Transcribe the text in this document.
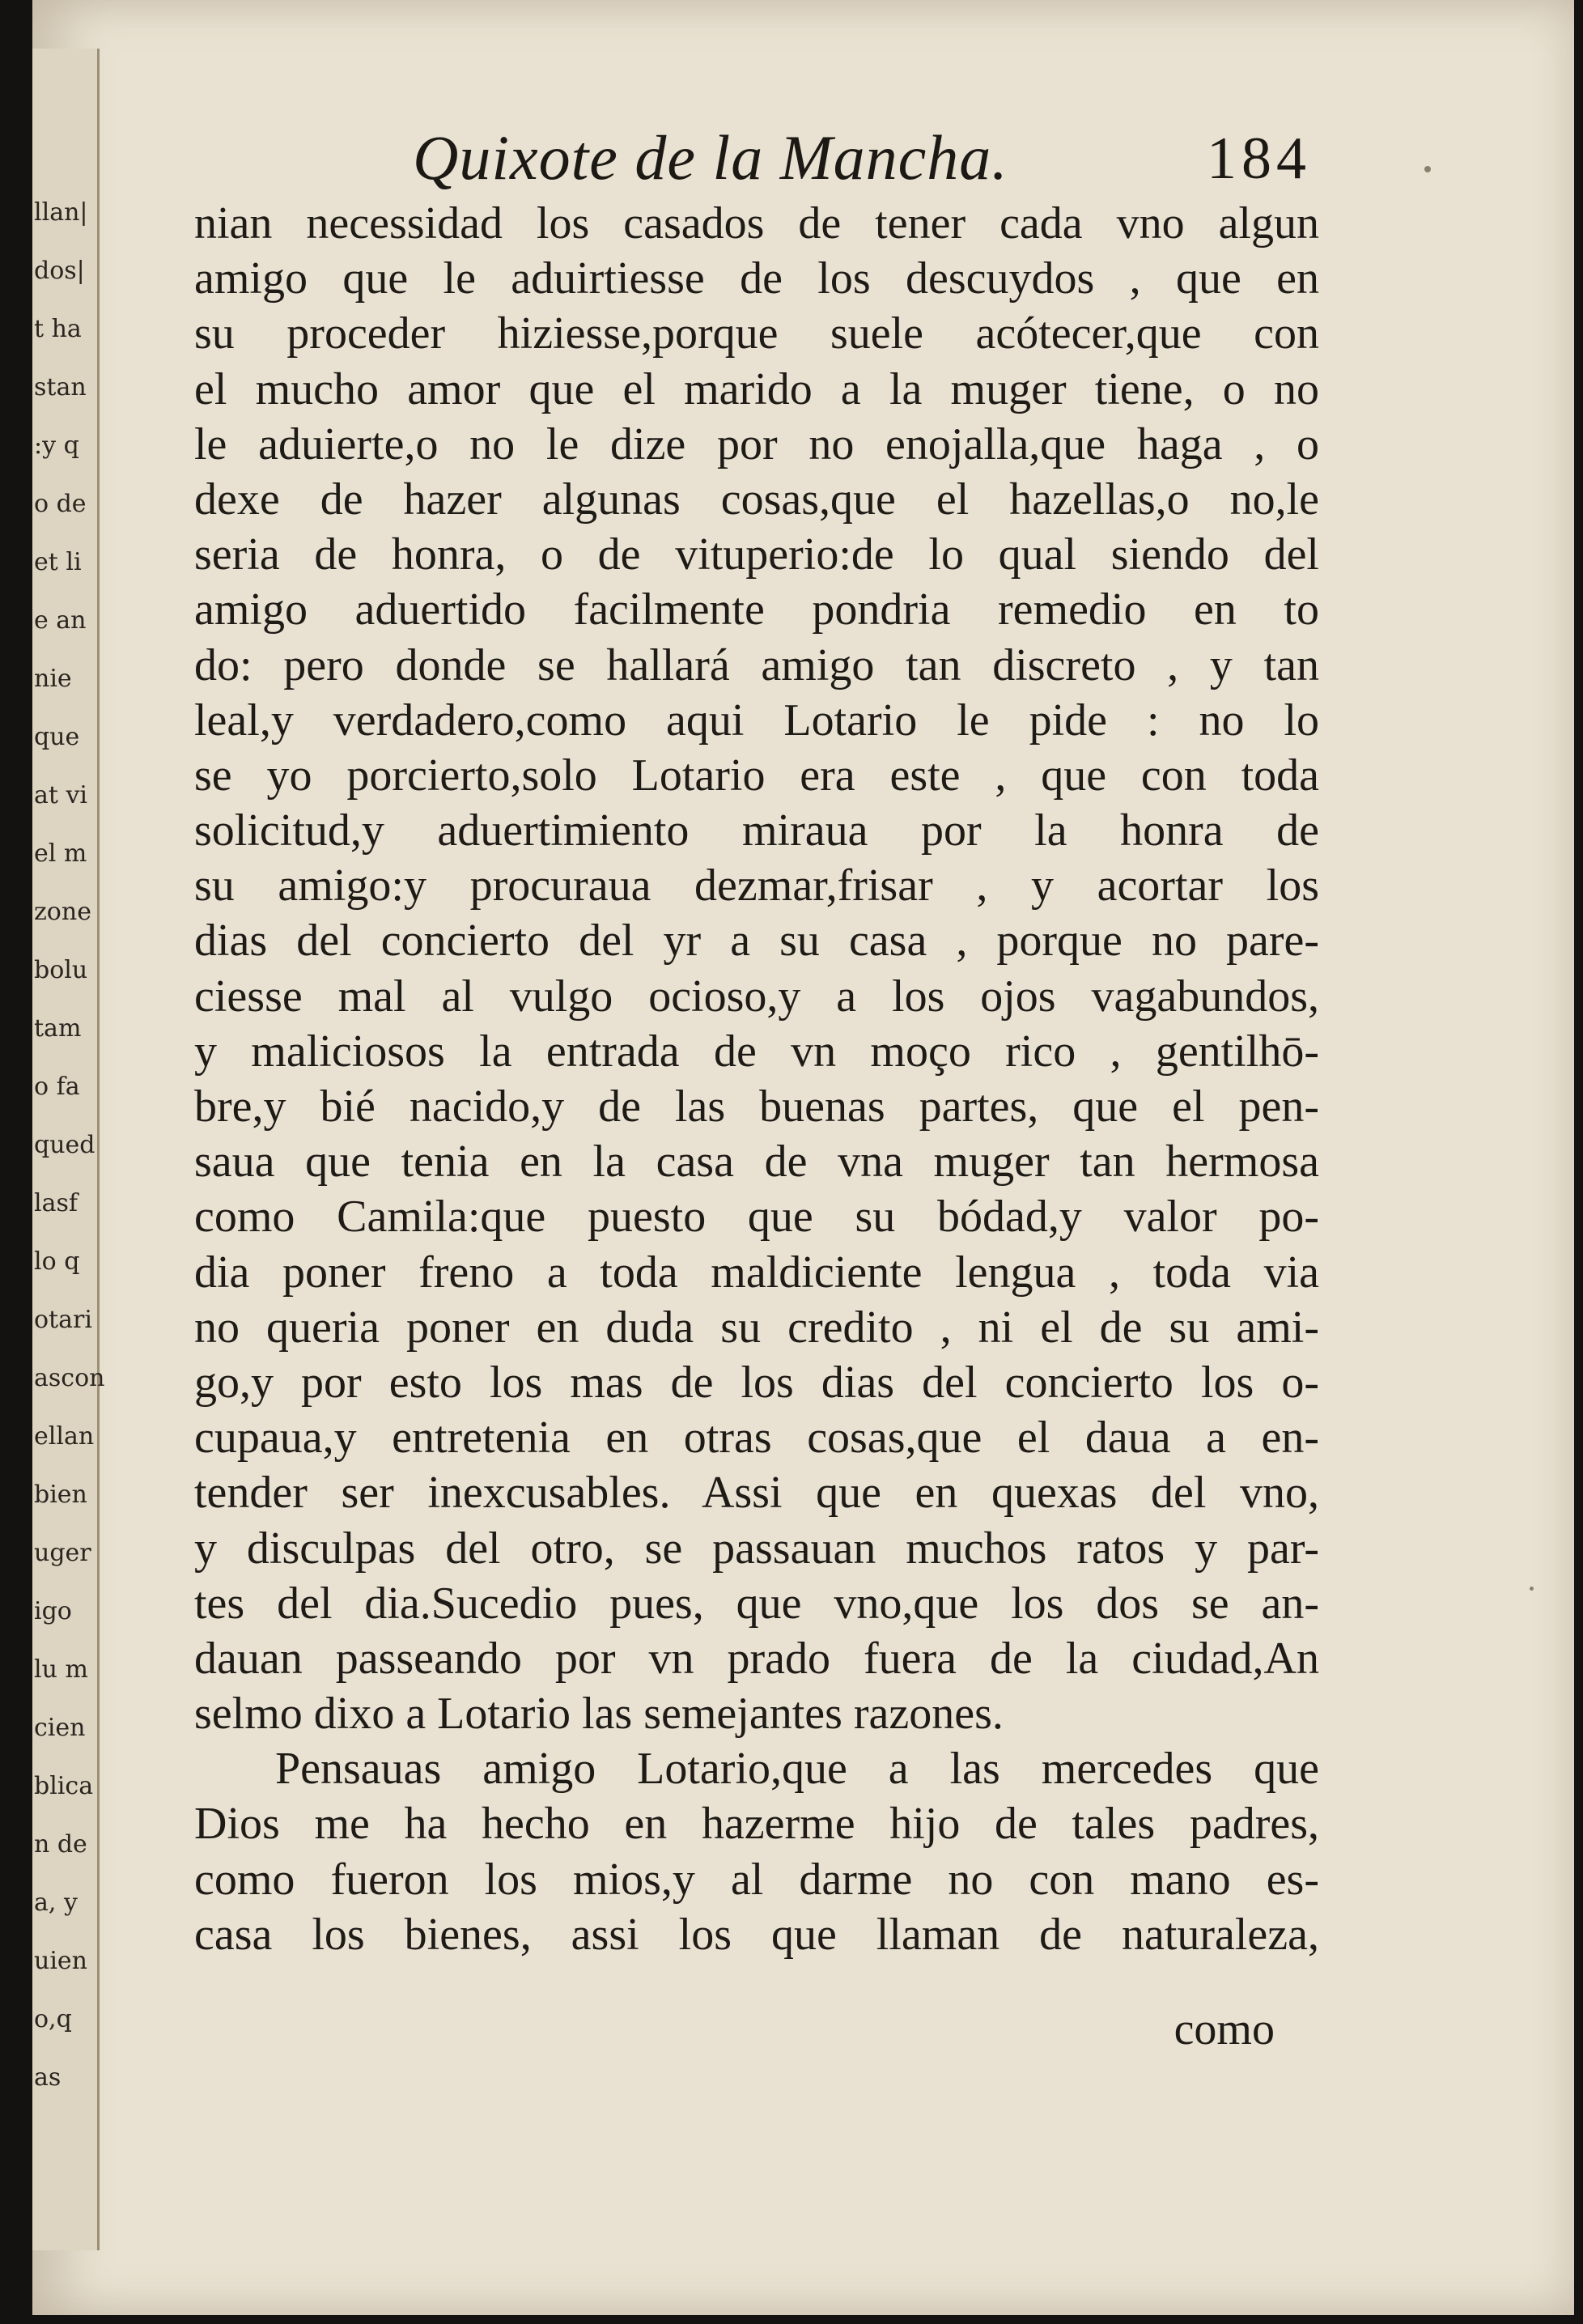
llan|
dos|
t ha
stan
:y q
o de
et li
e an
nie
que
at vi
el m
zone
bolu
tam
o fa
qued
lasf
lo q
otari
ascon
ellan
bien
uger
igo
lu m
cien
blica
n de
a, y
uien
o,q
as
Quixote de la Mancha.	184
nian necessidad los casados de tener cada vno algun
amigo que le aduirtiesse de los descuydos , que en
su proceder hiziesse,porque suele acótecer,que con
el mucho amor que el marido a la muger tiene, o no
le aduierte,o no le dize por no enojalla,que haga , o
dexe de hazer algunas cosas,que el hazellas,o no,le
seria de honra, o de vituperio:de lo qual siendo del
amigo aduertido facilmente pondria remedio en to
do: pero donde se hallará amigo tan discreto , y tan
leal,y verdadero,como aqui Lotario le pide : no lo
se yo porcierto,solo Lotario era este , que con toda
solicitud,y aduertimiento miraua por la honra de
su amigo:y procuraua dezmar,frisar , y acortar los
dias del concierto del yr a su casa , porque no pare-
ciesse mal al vulgo ocioso,y a los ojos vagabundos,
y maliciosos la entrada de vn moço rico , gentilhō-
bre,y bié nacido,y de las buenas partes, que el pen-
saua que tenia en la casa de vna muger tan hermosa
como Camila:que puesto que su bódad,y valor po-
dia poner freno a toda maldiciente lengua , toda via
no queria poner en duda su credito , ni el de su ami-
go,y por esto los mas de los dias del concierto los o-
cupaua,y entretenia en otras cosas,que el daua a en-
tender ser inexcusables. Assi que en quexas del vno,
y disculpas del otro, se passauan muchos ratos y par-
tes del dia.Sucedio pues, que vno,que los dos se an-
dauan passeando por vn prado fuera de la ciudad,An
selmo dixo a Lotario las semejantes razones.
Pensauas amigo Lotario,que a las mercedes que
Dios me ha hecho en hazerme hijo de tales padres,
como fueron los mios,y al darme no con mano es-
casa los bienes, assi los que llaman de naturaleza,
como
